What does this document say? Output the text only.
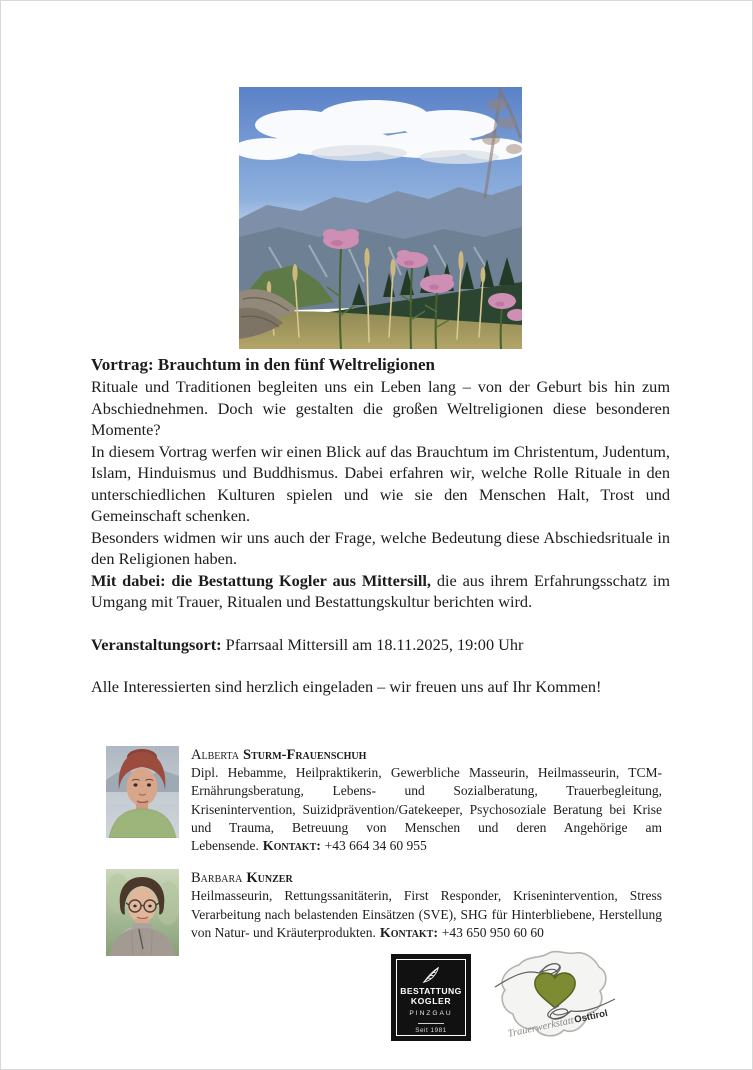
Vortrag: Brauchtum in den fünf Weltreligionen

Rituale und Traditionen begleiten uns ein Leben lang – von der Geburt bis hin zum Abschiednehmen. Doch wie gestalten die großen Weltreligionen diese besonderen Momente?

In diesem Vortrag werfen wir einen Blick auf das Brauchtum im Christentum, Judentum, Islam, Hinduismus und Buddhismus. Dabei erfahren wir, welche Rolle Rituale in den unterschiedlichen Kulturen spielen und wie sie den Menschen Halt, Trost und Gemeinschaft schenken.

Besonders widmen wir uns auch der Frage, welche Bedeutung diese Abschiedsrituale in den Religionen haben.

Mit dabei: die Bestattung Kogler aus Mittersill, die aus ihrem Erfahrungsschatz im Umgang mit Trauer, Ritualen und Bestattungskultur berichten wird.

Veranstaltungsort: Pfarrsaal Mittersill am 18.11.2025, 19:00 Uhr

Alle Interessierten sind herzlich eingeladen – wir freuen uns auf Ihr Kommen!

Alberta Sturm-Frauenschuh
Dipl. Hebamme, Heilpraktikerin, Gewerbliche Masseurin, Heilmasseurin, TCM-Ernährungsberatung, Lebens- und Sozialberatung, Trauerbegleitung, Krisenintervention, Suizidprävention/Gatekeeper, Psychosoziale Beratung bei Krise und Trauma, Betreuung von Menschen und deren Angehörige am Lebensende. Kontakt: +43 664 34 60 955
Barbara Kunzer
Heilmasseurin, Rettungssanitäterin, First Responder, Krisenintervention, Stress Verarbeitung nach belastenden Einsätzen (SVE), SHG für Hinterbliebene, Herstellung von Natur- und Kräuterprodukten. Kontakt: +43 650 950 60 60
BESTATTUNG
KOGLER
PINZGAU
Seit 1981	Trauerwerkstatt
Osttirol
